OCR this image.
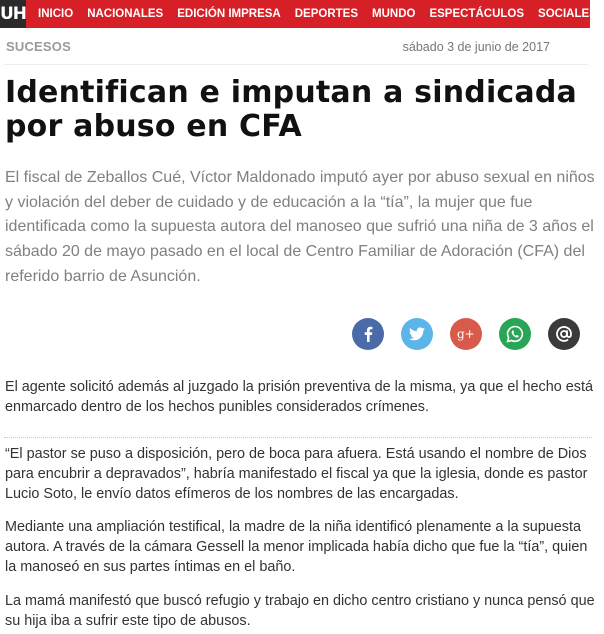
UH	INICIO	NACIONALES	EDICIÓN IMPRESA	DEPORTES	MUNDO	ESPECTÁCULOS	SOCIALES
SUCESOS	sábado 3 de junio de 2017
Identifican e imputan a sindicada por abuso en CFA

El fiscal de Zeballos Cué, Víctor Maldonado imputó ayer por abuso sexual en niños y violación del deber de cuidado y de educación a la “tía”, la mujer que fue identificada como la supuesta autora del manoseo que sufrió una niña de 3 años el sábado 20 de mayo pasado en el local de Centro Familiar de Adoración (CFA) del referido barrio de Asunción.

g+

El agente solicitó además al juzgado la prisión preventiva de la misma, ya que el hecho está enmarcado dentro de los hechos punibles considerados crímenes.

“El pastor se puso a disposición, pero de boca para afuera. Está usando el nombre de Dios para encubrir a depravados”, habría manifestado el fiscal ya que la iglesia, donde es pastor Lucio Soto, le envío datos efímeros de los nombres de las encargadas.

Mediante una ampliación testifical, la madre de la niña identificó plenamente a la supuesta autora. A través de la cámara Gessell la menor implicada había dicho que fue la “tía”, quien la manoseó en sus partes íntimas en el baño.

La mamá manifestó que buscó refugio y trabajo en dicho centro cristiano y nunca pensó que su hija iba a sufrir este tipo de abusos.
